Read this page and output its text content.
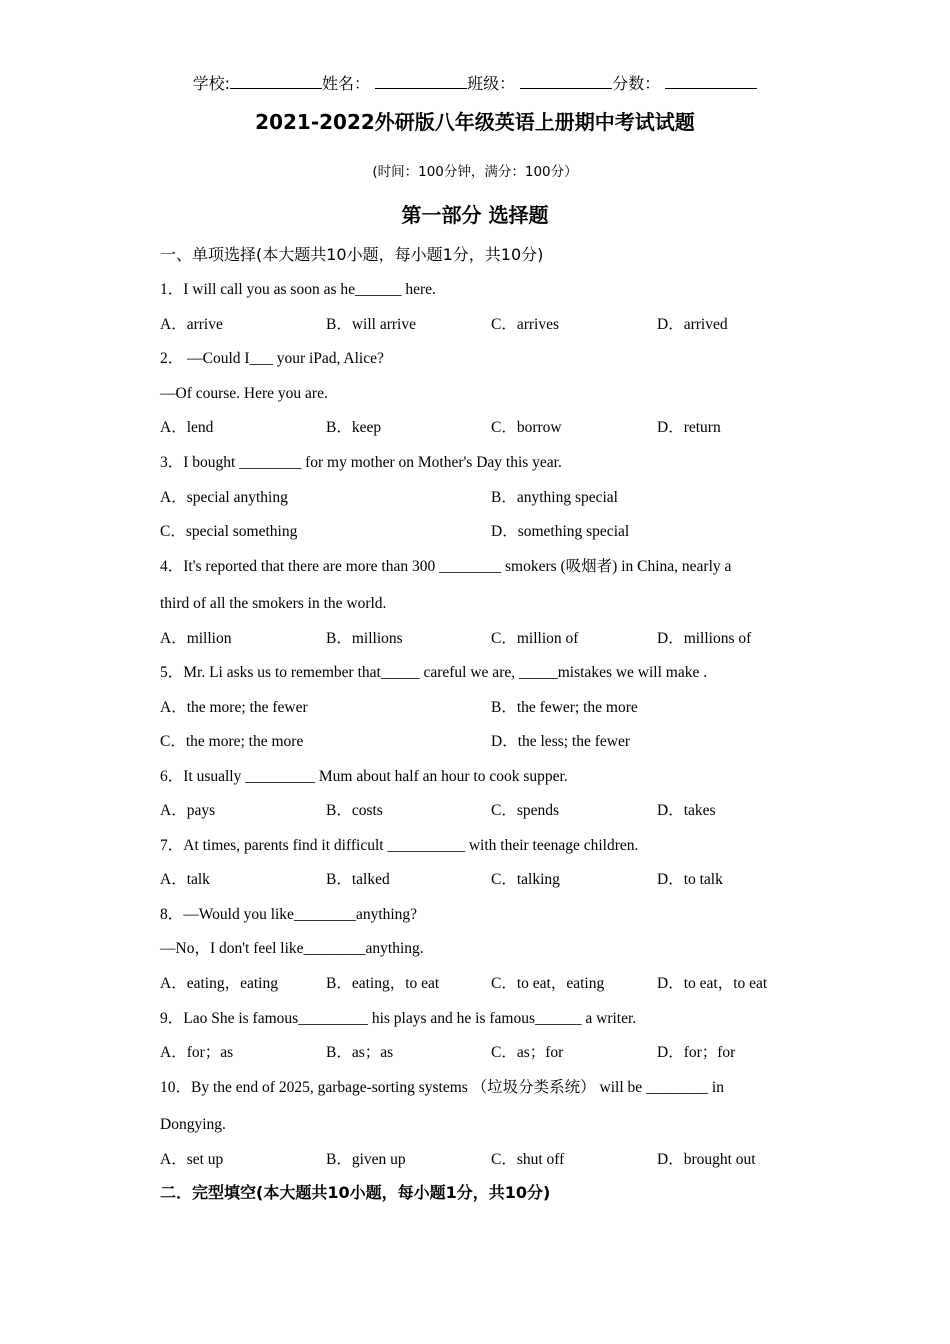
学校:	姓名：	班级：	分数：
2021-2022外研版八年级英语上册期中考试试题
(时间：100分钟，满分：100分）
第一部分 选择题
一、单项选择(本大题共10小题，每小题1分，共10分)
1．I will call you as soon as he______ here.
A．arrive	B．will arrive	C．arrives	D．arrived
2． —Could I___ your iPad, Alice?
—Of course. Here you are.
A．lend	B．keep	C．borrow	D．return
3．I bought ________ for my mother on Mother's Day this year.
A．special anything	B．anything special
C．special something	D．something special
4．It's reported that there are more than 300 ________ smokers (吸烟者) in China, nearly a
third of all the smokers in the world.
A．million	B．millions	C．million of	D．millions of
5．Mr. Li asks us to remember that_____ careful we are, _____mistakes we will make .
A．the more; the fewer	B．the fewer; the more
C．the more; the more	D．the less; the fewer
6．It usually _________ Mum about half an hour to cook supper.
A．pays	B．costs	C．spends	D．takes
7．At times, parents find it difficult __________ with their teenage children.
A．talk	B．talked	C．talking	D．to talk
8．—Would you like________anything?
—No，I don't feel like________anything.
A．eating，eating	B．eating，to eat	C．to eat，eating	D．to eat，to eat
9．Lao She is famous_________ his plays and he is famous______ a writer.
A．for；as	B．as；as	C．as；for	D．for；for
10．By the end of 2025, garbage-sorting systems （垃圾分类系统） will be ________ in
Dongying.
A．set up	B．given up	C．shut off	D．brought out
二．完型填空(本大题共10小题，每小题1分，共10分)
